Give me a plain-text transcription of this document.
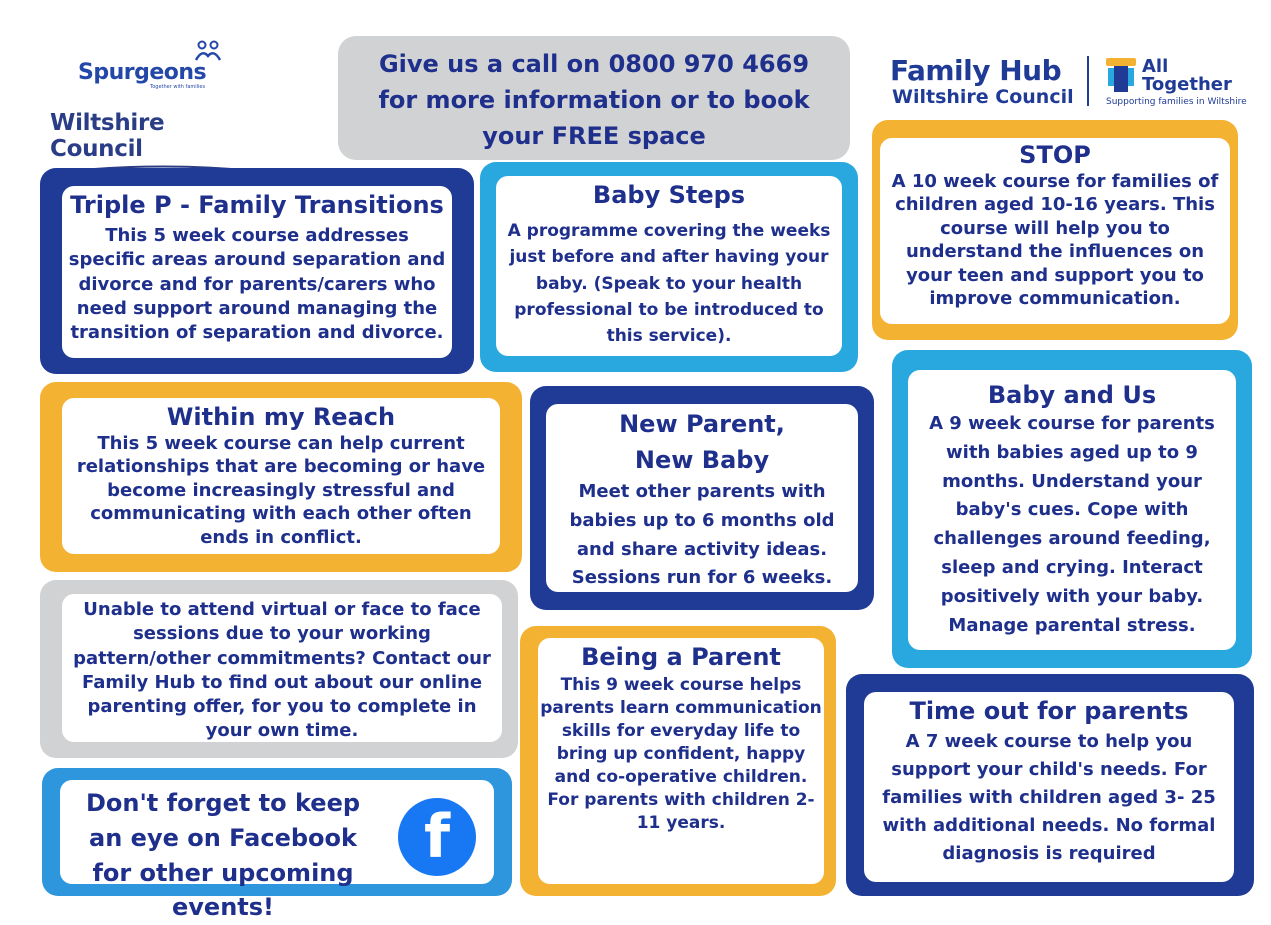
Spurgeons
Together with families
Wiltshire Council
Give us a call on 0800 970 4669
for more information or to book
your FREE space
Family Hub
Wiltshire Council
All
Together
Supporting families in Wiltshire
Triple P - Family Transitions
This 5 week course addresses specific areas around separation and divorce and for parents/carers who need support around managing the transition of separation and divorce.
Baby Steps
A programme covering the weeks just before and after having your baby. (Speak to your health professional to be introduced to this service).
STOP
A 10 week course for families of children aged 10-16 years. This course will help you to understand the influences on your teen and support you to improve communication.
Within my Reach
This 5 week course can help current relationships that are becoming or have become increasingly stressful and communicating with each other often ends in conflict.
New Parent,
New Baby
Meet other parents with babies up to 6 months old and share activity ideas. Sessions run for 6 weeks.
Baby and Us
A 9 week course for parents with babies aged up to 9 months. Understand your baby's cues. Cope with challenges around feeding, sleep and crying. Interact positively with your baby. Manage parental stress.
Unable to attend virtual or face to face sessions due to your working pattern/other commitments? Contact our Family Hub to find out about our online parenting offer, for you to complete in your own time.
Being a Parent
This 9 week course helps parents learn communication skills for everyday life to bring up confident, happy and co-operative children. For parents with children 2-11 years.
Don't forget to keep an eye on Facebook for other upcoming events!
f
Time out for parents
A 7 week course to help you support your child's needs. For families with children aged 3- 25 with additional needs. No formal diagnosis is required
